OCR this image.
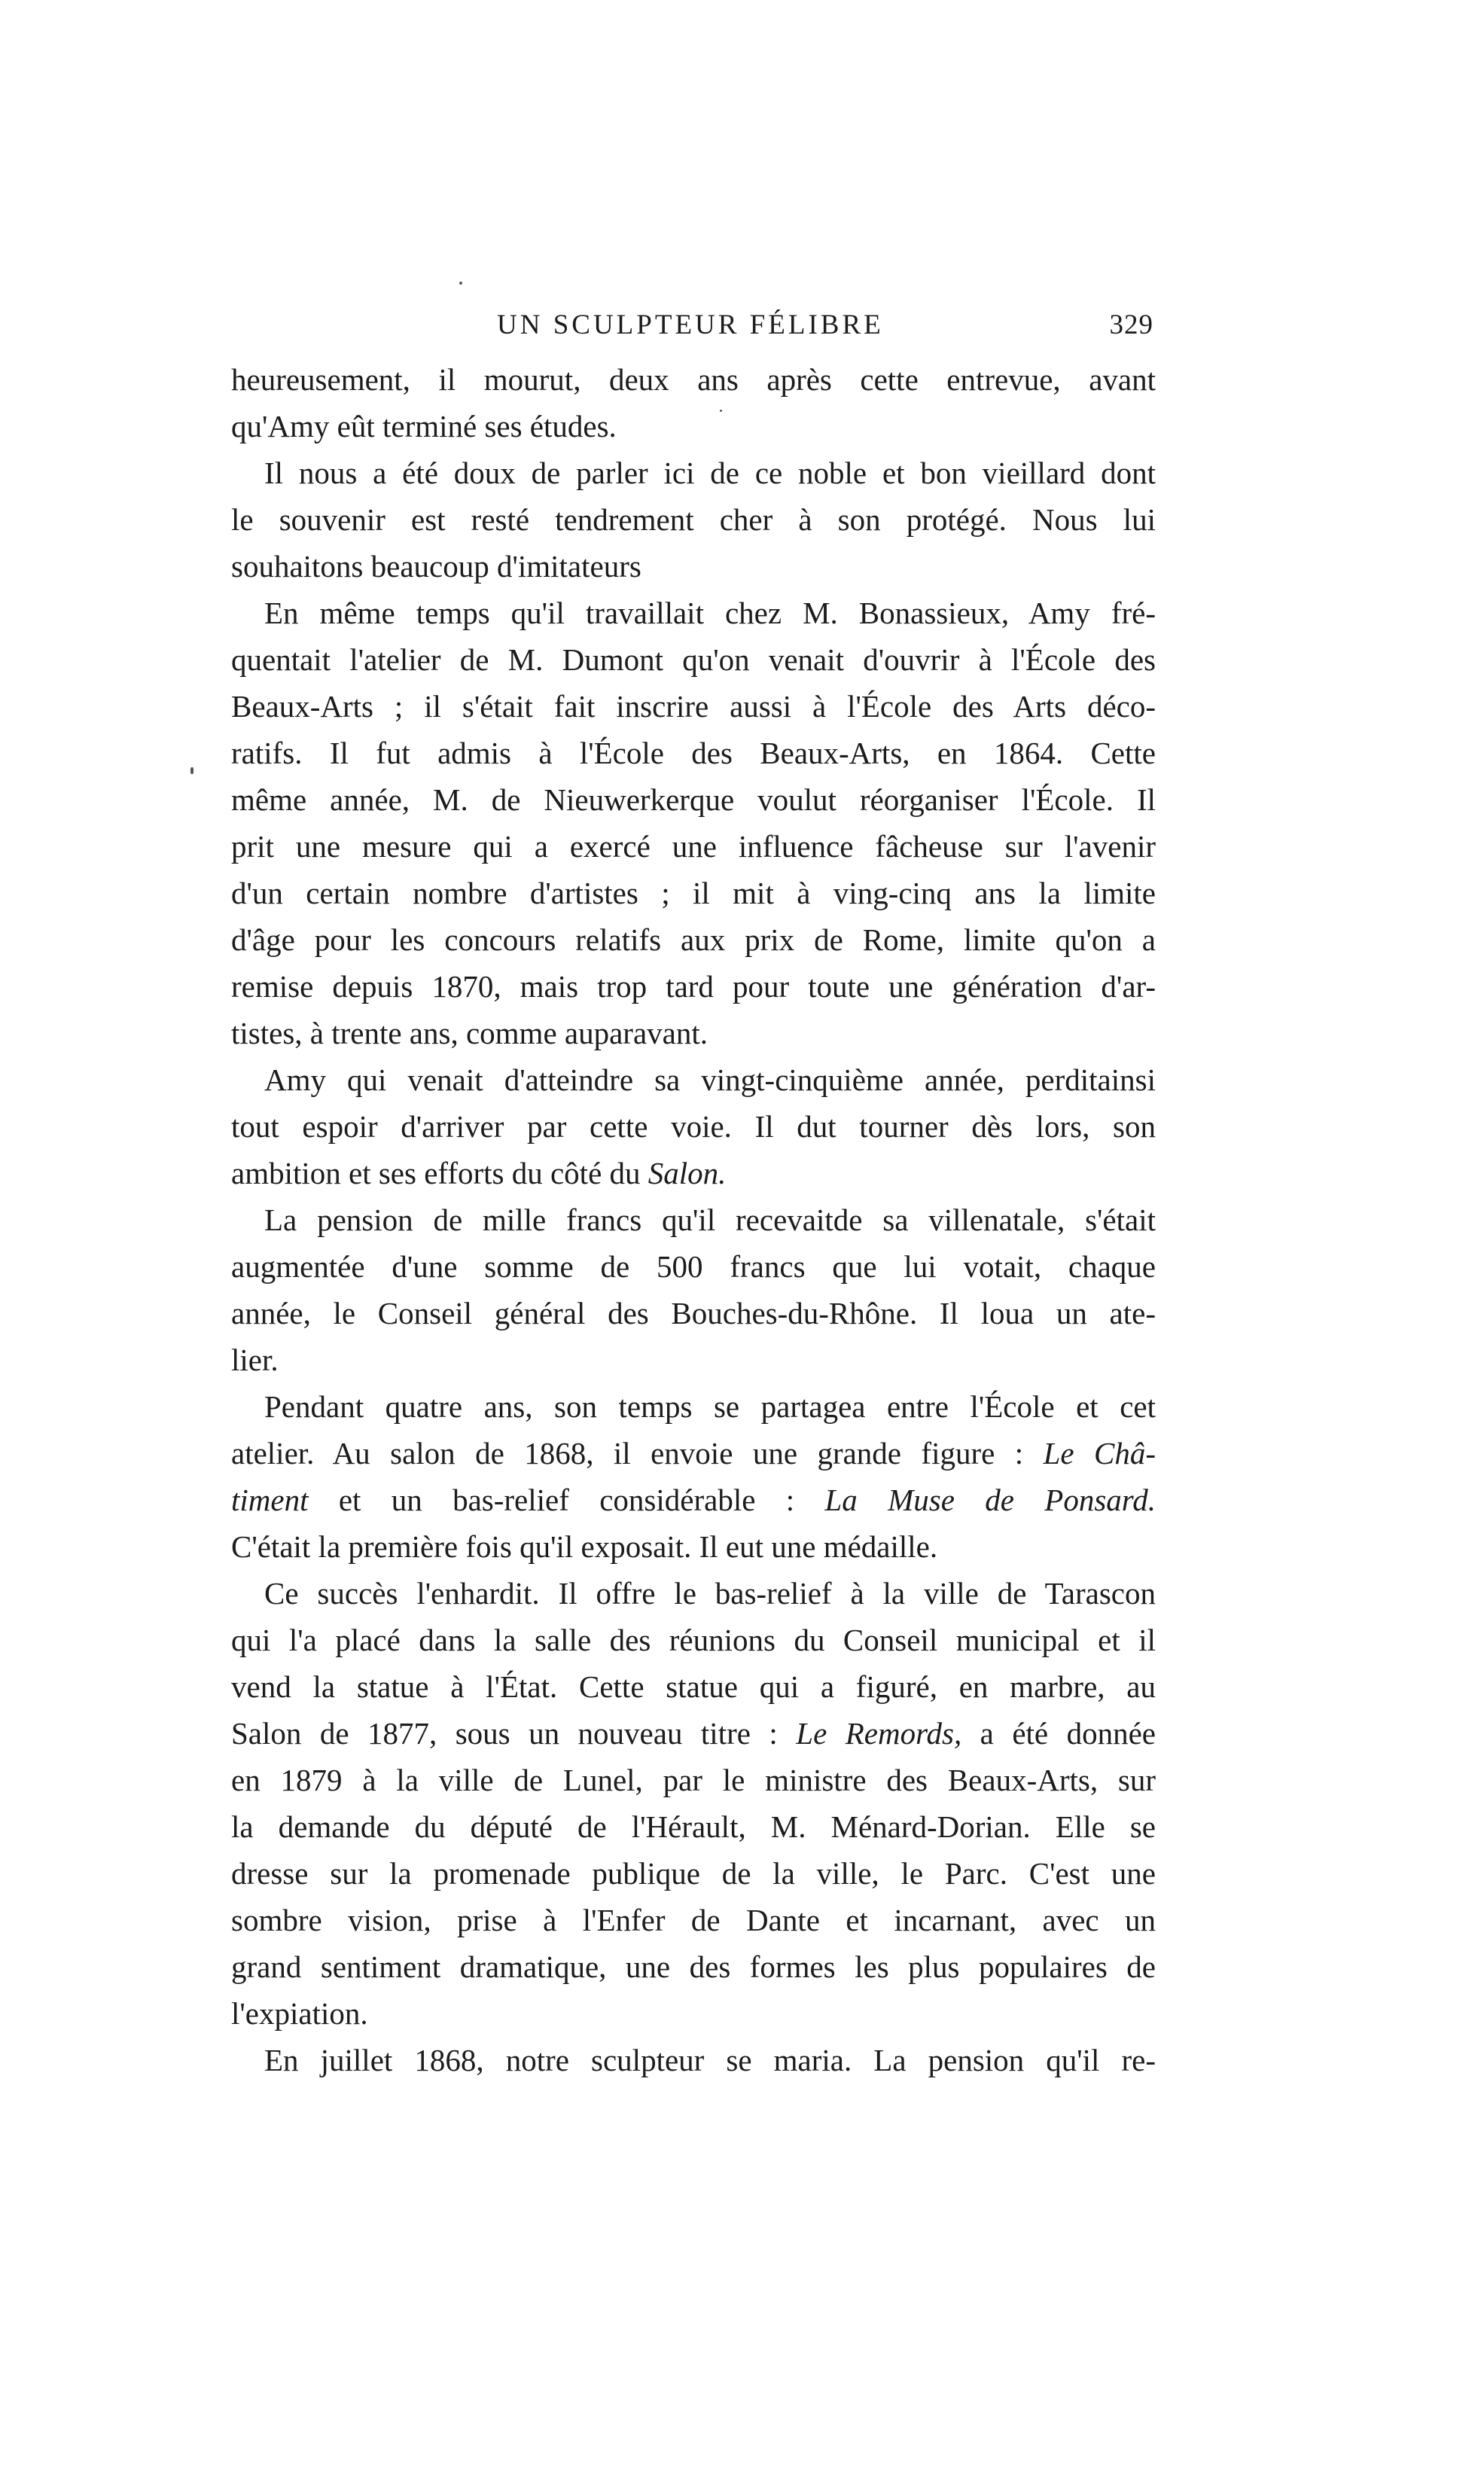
UN SCULPTEUR FÉLIBRE	329
heureusement, il mourut, deux ans après cette entrevue, avant
qu'Amy eût terminé ses études.
Il nous a été doux de parler ici de ce noble et bon vieillard dont
le souvenir est resté tendrement cher à son protégé. Nous lui
souhaitons beaucoup d'imitateurs
En même temps qu'il travaillait chez M. Bonassieux, Amy fré-
quentait l'atelier de M. Dumont qu'on venait d'ouvrir à l'École des
Beaux-Arts ; il s'était fait inscrire aussi à l'École des Arts déco-
ratifs. Il fut admis à l'École des Beaux-Arts, en 1864. Cette
même année, M. de Nieuwerkerque voulut réorganiser l'École. Il
prit une mesure qui a exercé une influence fâcheuse sur l'avenir
d'un certain nombre d'artistes ; il mit à ving-cinq ans la limite
d'âge pour les concours relatifs aux prix de Rome, limite qu'on a
remise depuis 1870, mais trop tard pour toute une génération d'ar-
tistes, à trente ans, comme auparavant.
Amy qui venait d'atteindre sa vingt-cinquième année, perditainsi
tout espoir d'arriver par cette voie. Il dut tourner dès lors, son
ambition et ses efforts du côté du Salon.
La pension de mille francs qu'il recevaitde sa villenatale, s'était
augmentée d'une somme de 500 francs que lui votait, chaque
année, le Conseil général des Bouches-du-Rhône. Il loua un ate-
lier.
Pendant quatre ans, son temps se partagea entre l'École et cet
atelier. Au salon de 1868, il envoie une grande figure : Le Châ-
timent et un bas-relief considérable : La Muse de Ponsard.
C'était la première fois qu'il exposait. Il eut une médaille.
Ce succès l'enhardit. Il offre le bas-relief à la ville de Tarascon
qui l'a placé dans la salle des réunions du Conseil municipal et il
vend la statue à l'État. Cette statue qui a figuré, en marbre, au
Salon de 1877, sous un nouveau titre : Le Remords, a été donnée
en 1879 à la ville de Lunel, par le ministre des Beaux-Arts, sur
la demande du député de l'Hérault, M. Ménard-Dorian. Elle se
dresse sur la promenade publique de la ville, le Parc. C'est une
sombre vision, prise à l'Enfer de Dante et incarnant, avec un
grand sentiment dramatique, une des formes les plus populaires de
l'expiation.
En juillet 1868, notre sculpteur se maria. La pension qu'il re-
